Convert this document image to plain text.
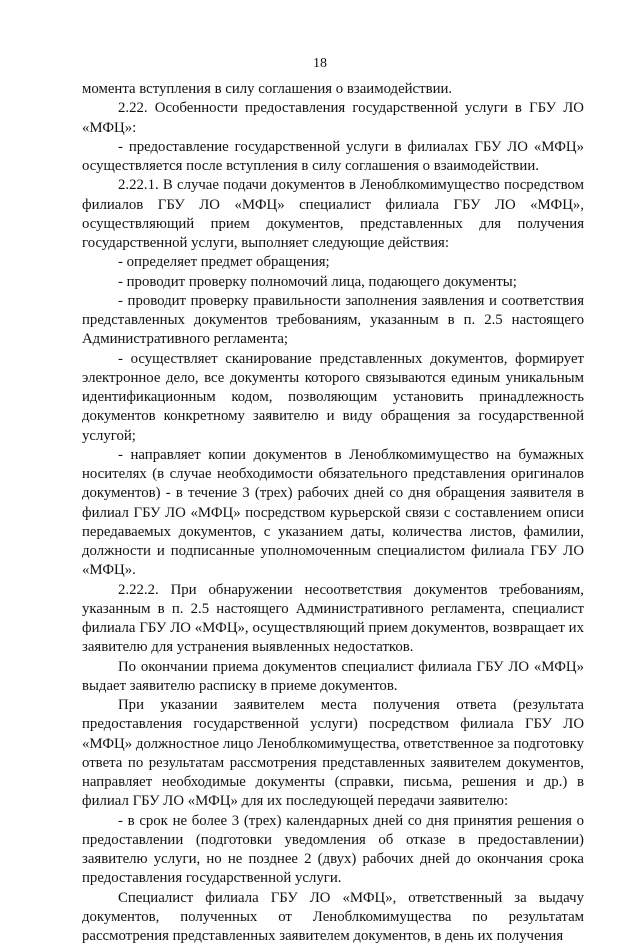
18

момента вступления в силу соглашения о взаимодействии.

2.22. Особенности предоставления государственной услуги в ГБУ ЛО «МФЦ»:

- предоставление государственной услуги в филиалах ГБУ ЛО «МФЦ» осуществляется после вступления в силу соглашения о взаимодействии.

2.22.1. В случае подачи документов в Леноблкомимущество посредством филиалов ГБУ ЛО «МФЦ» специалист филиала ГБУ ЛО «МФЦ», осуществляющий прием документов, представленных для получения государственной услуги, выполняет следующие действия:

- определяет предмет обращения;

- проводит проверку полномочий лица, подающего документы;

- проводит проверку правильности заполнения заявления и соответствия представленных документов требованиям, указанным в п. 2.5 настоящего Административного регламента;

- осуществляет сканирование представленных документов, формирует электронное дело, все документы которого связываются единым уникальным идентификационным кодом, позволяющим установить принадлежность документов конкретному заявителю и виду обращения за государственной услугой;

- направляет копии документов в Леноблкомимущество на бумажных носителях (в случае необходимости обязательного представления оригиналов документов) - в течение 3 (трех) рабочих дней со дня обращения заявителя в филиал ГБУ ЛО «МФЦ» посредством курьерской связи с составлением описи передаваемых документов, с указанием даты, количества листов, фамилии, должности и подписанные уполномоченным специалистом филиала ГБУ ЛО «МФЦ».

2.22.2. При обнаружении несоответствия документов требованиям, указанным в п. 2.5 настоящего Административного регламента, специалист филиала ГБУ ЛО «МФЦ», осуществляющий прием документов, возвращает их заявителю для устранения выявленных недостатков.

По окончании приема документов специалист филиала ГБУ ЛО «МФЦ» выдает заявителю расписку в приеме документов.

При указании заявителем места получения ответа (результата предоставления государственной услуги) посредством филиала ГБУ ЛО «МФЦ» должностное лицо Леноблкомимущества, ответственное за подготовку ответа по результатам рассмотрения представленных заявителем документов, направляет необходимые документы (справки, письма, решения и др.) в филиал ГБУ ЛО «МФЦ» для их последующей передачи заявителю:

- в срок не более 3 (трех) календарных дней со дня принятия решения о предоставлении (подготовки уведомления об отказе в предоставлении) заявителю услуги, но не позднее 2 (двух) рабочих дней до окончания срока предоставления государственной услуги.

Специалист филиала ГБУ ЛО «МФЦ», ответственный за выдачу документов, полученных от Леноблкомимущества по результатам рассмотрения представленных заявителем документов, в день их получения
